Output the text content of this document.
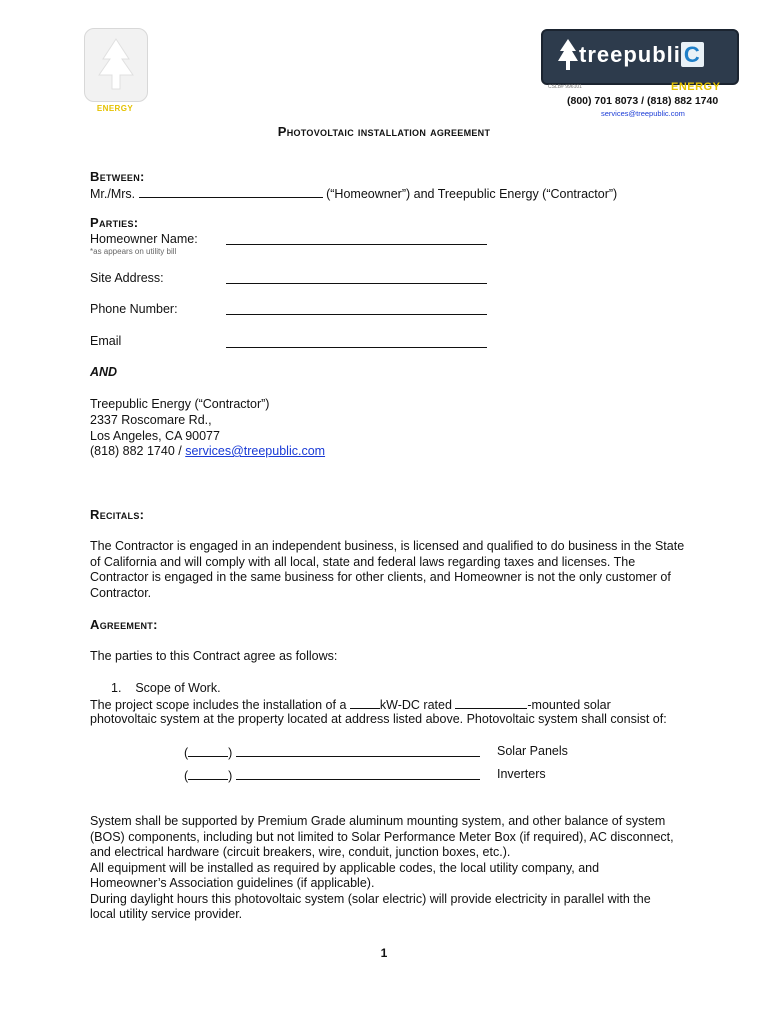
ENERGY
treepubli C
CSLB# 996101	ENERGY
(800) 701 8073 / (818) 882 1740
services@treepublic.com
Photovoltaic installation agreement
Between:
Mr./Mrs.	(“Homeowner”) and Treepublic Energy (“Contractor”)
Parties:
Homeowner Name:
*as appears on utility bill
Site Address:
Phone Number:
Email
AND
Treepublic Energy (“Contractor”)
2337 Roscomare Rd.,
Los Angeles, CA 90077
(818) 882 1740 / services@treepublic.com
Recitals:
The Contractor is engaged in an independent business, is licensed and qualified to do business in the State
of California and will comply with all local, state and federal laws regarding taxes and licenses. The
Contractor is engaged in the same business for other clients, and Homeowner is not the only customer of
Contractor.
Agreement:
The parties to this Contract agree as follows:
1. Scope of Work.
The project scope includes the installation of a	kW-DC rated	-mounted solar
photovoltaic system at the property located at address listed above. Photovoltaic system shall consist of:
(	)	Solar Panels
(	)	Inverters
System shall be supported by Premium Grade aluminum mounting system, and other balance of system
(BOS) components, including but not limited to Solar Performance Meter Box (if required), AC disconnect,
and electrical hardware (circuit breakers, wire, conduit, junction boxes, etc.).
All equipment will be installed as required by applicable codes, the local utility company, and
Homeowner’s Association guidelines (if applicable).
During daylight hours this photovoltaic system (solar electric) will provide electricity in parallel with the
local utility service provider.
1
